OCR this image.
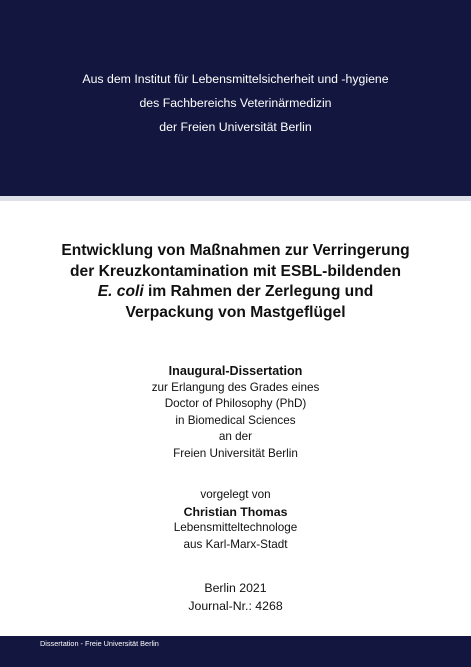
Aus dem Institut für Lebensmittelsicherheit und -hygiene
des Fachbereichs Veterinärmedizin
der Freien Universität Berlin
Entwicklung von Maßnahmen zur Verringerung
der Kreuzkontamination mit ESBL-bildenden
E. coli im Rahmen der Zerlegung und
Verpackung von Mastgeflügel
Inaugural-Dissertation
zur Erlangung des Grades eines
Doctor of Philosophy (PhD)
in Biomedical Sciences
an der
Freien Universität Berlin
vorgelegt von
Christian Thomas
Lebensmitteltechnologe
aus Karl-Marx-Stadt
Berlin 2021
Journal-Nr.: 4268
Dissertation - Freie Universität Berlin
